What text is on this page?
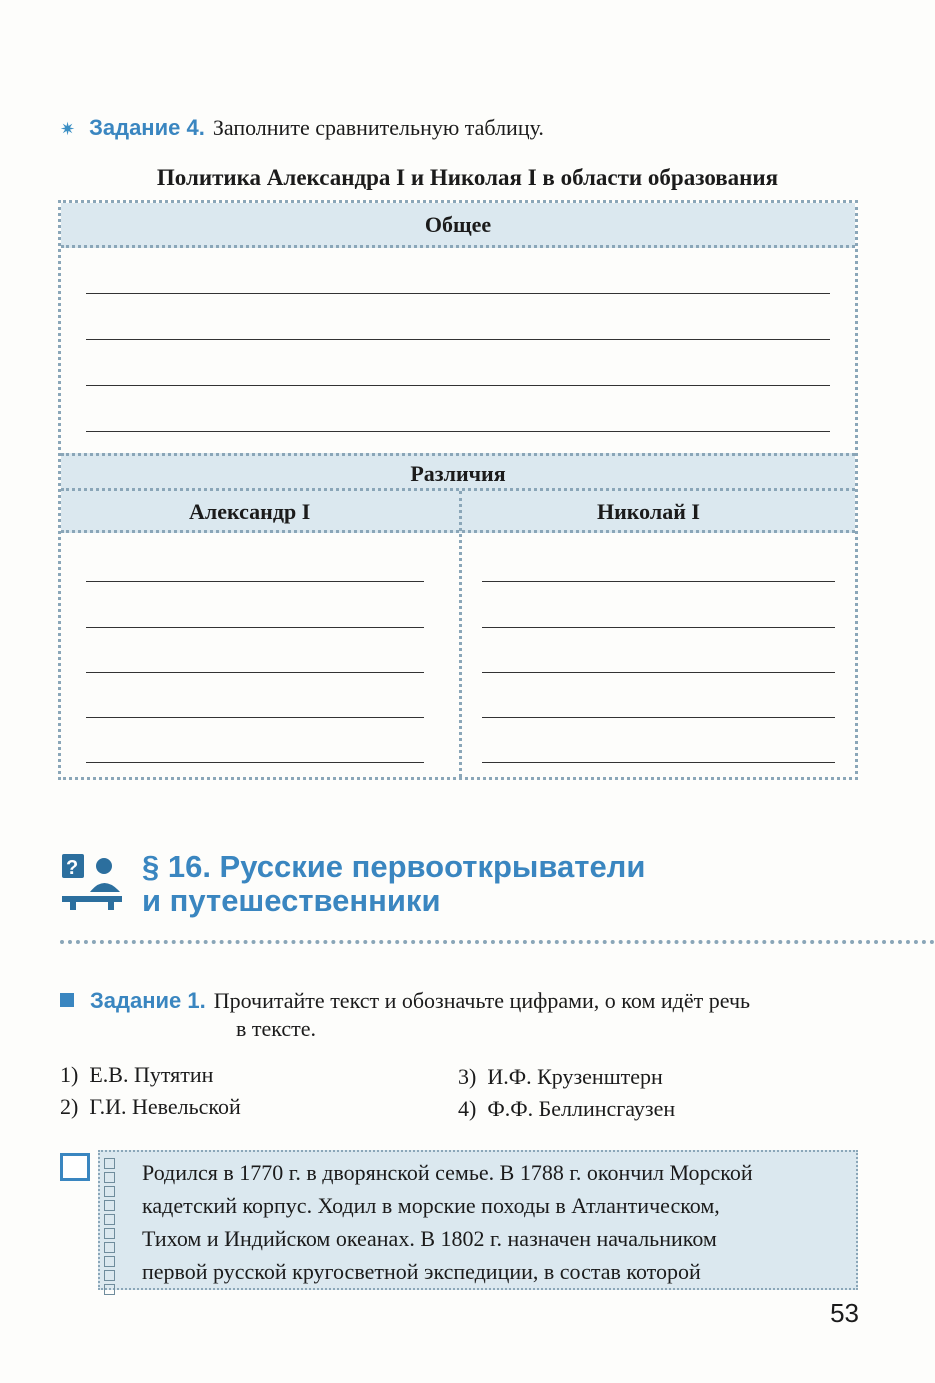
✷ Задание 4. Заполните сравнительную таблицу.
Политика Александра I и Николая I в области образования
Общее
Различия
Александр I	Николай I
? § 16. Русские первооткрыватели
и путешественники
Задание 1. Прочитайте текст и обозначьте цифрами, о ком идёт речь
в тексте.
1) Е.В. Путятин
2) Г.И. Невельской
3) И.Ф. Крузенштерн
4) Ф.Ф. Беллинсгаузен
Родился в 1770 г. в дворянской семье. В 1788 г. окончил Морской
кадетский корпус. Ходил в морские походы в Атлантическом,
Тихом и Индийском океанах. В 1802 г. назначен начальником
первой русской кругосветной экспедиции, в состав которой
53
